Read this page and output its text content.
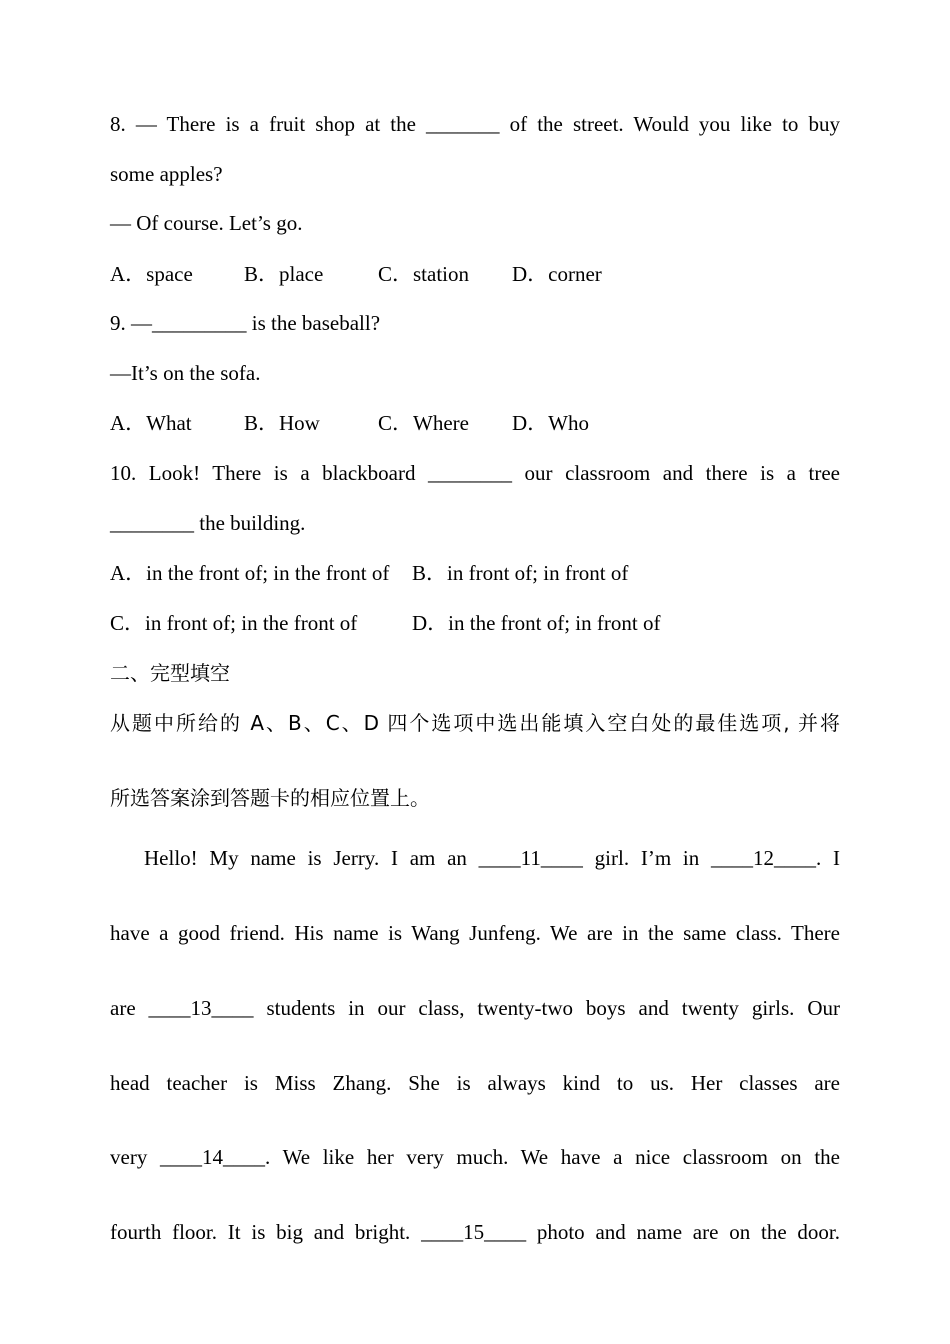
8. — There is a fruit shop at the _______ of the street. Would you like to buy
some apples?
— Of course. Let’s go.
A．space B．place	C．station D．corner
9. —_________ is the baseball?
—It’s on the sofa.
A．What B．How	C．Where D．Who
10. Look! There is a blackboard ________ our classroom and there is a tree
________ the building.
A．in the front of; in the front of B．in front of; in front of
C．in front of; in the front of	D．in the front of; in front of
二、完型填空
从题中所给的 A、B、C、D 四个选项中选出能填入空白处的最佳选项, 并将
所选答案涂到答题卡的相应位置上。
Hello! My name is Jerry. I am an ____11____ girl. I’m in ____12____. I
have a good friend. His name is Wang Junfeng. We are in the same class. There
are ____13____ students in our class, twenty-two boys and twenty girls. Our
head teacher is Miss Zhang. She is always kind to us. Her classes are
very ____14____. We like her very much. We have a nice classroom on the
fourth floor. It is big and bright. ____15____ photo and name are on the door.
